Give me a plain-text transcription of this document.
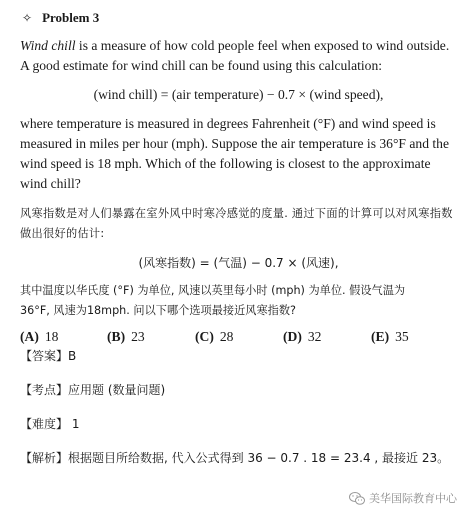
✧ Problem 3

Wind chill is a measure of how cold people feel when exposed to wind outside. A good estimate for wind chill can be found using this calculation:

(wind chill) = (air temperature) − 0.7 × (wind speed),

where temperature is measured in degrees Fahrenheit (°F) and wind speed is measured in miles per hour (mph). Suppose the air temperature is 36°F and the wind speed is 18 mph. Which of the following is closest to the approximate wind chill?

风寒指数是对人们暴露在室外风中时寒冷感觉的度量. 通过下面的计算可以对风寒指数做出很好的估计:

(风寒指数) = (气温) − 0.7 × (风速),

其中温度以华氏度 (°F) 为单位, 风速以英里每小时 (mph) 为单位. 假设气温为

36°F, 风速为18mph. 问以下哪个选项最接近风寒指数?

(A) 18	(B) 23	(C) 28	(D) 32	(E) 35

【答案】B

【考点】应用题 (数量问题)

【难度】 1

【解析】根据题目所给数据, 代入公式得到 36 − 0.7 . 18 = 23.4 , 最接近 23。

美华国际教育中心
